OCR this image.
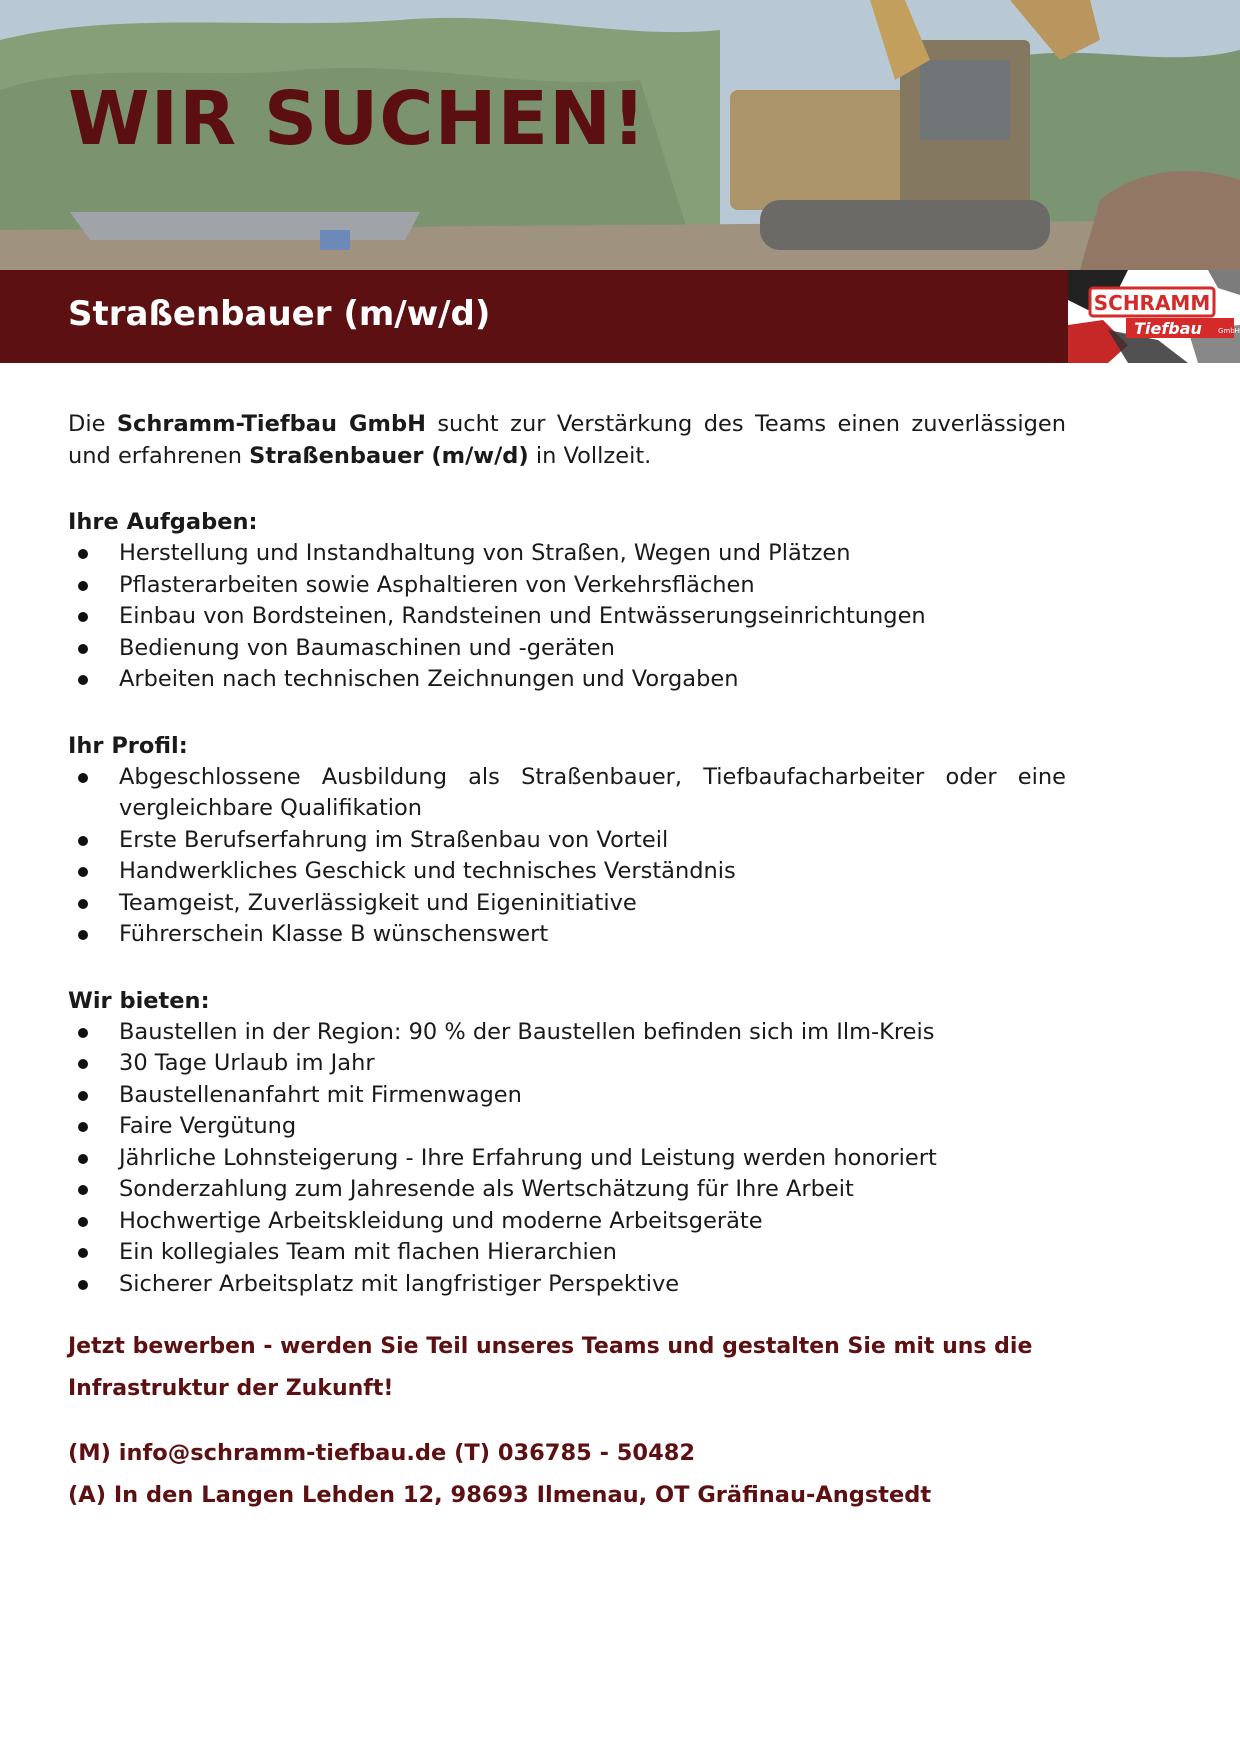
WIR SUCHEN!
Straßenbauer (m/w/d)	SCHRAMM
Tiefbau GmbH

Die Schramm-Tiefbau GmbH sucht zur Verstärkung des Teams einen zuverlässigen und erfahrenen Straßenbauer (m/w/d) in Vollzeit.

Ihre Aufgaben:
Herstellung und Instandhaltung von Straßen, Wegen und Plätzen
Pflasterarbeiten sowie Asphaltieren von Verkehrsflächen
Einbau von Bordsteinen, Randsteinen und Entwässerungseinrichtungen
Bedienung von Baumaschinen und -geräten
Arbeiten nach technischen Zeichnungen und Vorgaben
Ihr Profil:
Abgeschlossene Ausbildung als Straßenbauer, Tiefbaufacharbeiter oder eine vergleichbare Qualifikation
Erste Berufserfahrung im Straßenbau von Vorteil
Handwerkliches Geschick und technisches Verständnis
Teamgeist, Zuverlässigkeit und Eigeninitiative
Führerschein Klasse B wünschenswert
Wir bieten:
Baustellen in der Region: 90 % der Baustellen befinden sich im Ilm-Kreis
30 Tage Urlaub im Jahr
Baustellenanfahrt mit Firmenwagen
Faire Vergütung
Jährliche Lohnsteigerung - Ihre Erfahrung und Leistung werden honoriert
Sonderzahlung zum Jahresende als Wertschätzung für Ihre Arbeit
Hochwertige Arbeitskleidung und moderne Arbeitsgeräte
Ein kollegiales Team mit flachen Hierarchien
Sicherer Arbeitsplatz mit langfristiger Perspektive

Jetzt bewerben - werden Sie Teil unseres Teams und gestalten Sie mit uns die Infrastruktur der Zukunft!

(M) info@schramm-tiefbau.de (T) 036785 - 50482
(A) In den Langen Lehden 12, 98693 Ilmenau, OT Gräfinau-Angstedt
